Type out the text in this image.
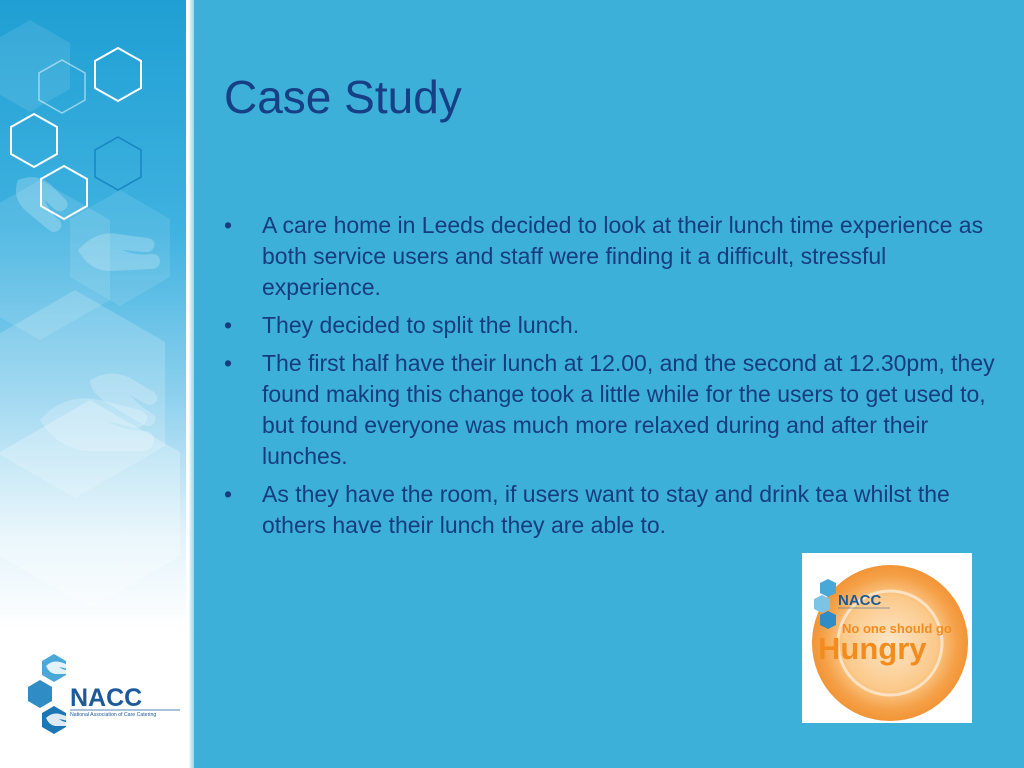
Case Study
•	A care home in Leeds decided to look at their lunch time experience as both service users and staff were finding it a difficult, stressful experience.
•	They decided to split the lunch.
•	The first half have their lunch at 12.00, and the second at 12.30pm, they found making this change took a little while for the users to get used to, but found everyone was much more relaxed during and after their lunches.
•	As they have the room, if users want to stay and drink tea whilst the others have their lunch they are able to.
NACC
No one should go
Hungry
NACC
National Association of Care Catering
